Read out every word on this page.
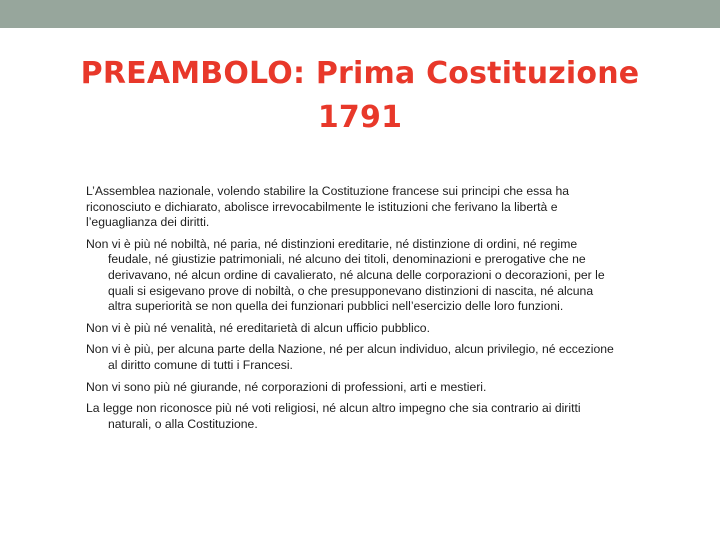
PREAMBOLO: Prima Costituzione
1791

L’Assemblea nazionale, volendo stabilire la Costituzione francese sui principi che essa ha riconosciuto e dichiarato, abolisce irrevocabilmente le istituzioni che ferivano la libertà e l’eguaglianza dei diritti.

Non vi è più né nobiltà, né paria, né distinzioni ereditarie, né distinzione di ordini, né regime feudale, né giustizie patrimoniali, né alcuno dei titoli, denominazioni e prerogative che ne derivavano, né alcun ordine di cavalierato, né alcuna delle corporazioni o decorazioni, per le quali si esigevano prove di nobiltà, o che presupponevano distinzioni di nascita, né alcuna altra superiorità se non quella dei funzionari pubblici nell’esercizio delle loro funzioni.

Non vi è più né venalità, né ereditarietà di alcun ufficio pubblico.

Non vi è più, per alcuna parte della Nazione, né per alcun individuo, alcun privilegio, né eccezione al diritto comune di tutti i Francesi.

Non vi sono più né giurande, né corporazioni di professioni, arti e mestieri.

La legge non riconosce più né voti religiosi, né alcun altro impegno che sia contrario ai diritti naturali, o alla Costituzione.
